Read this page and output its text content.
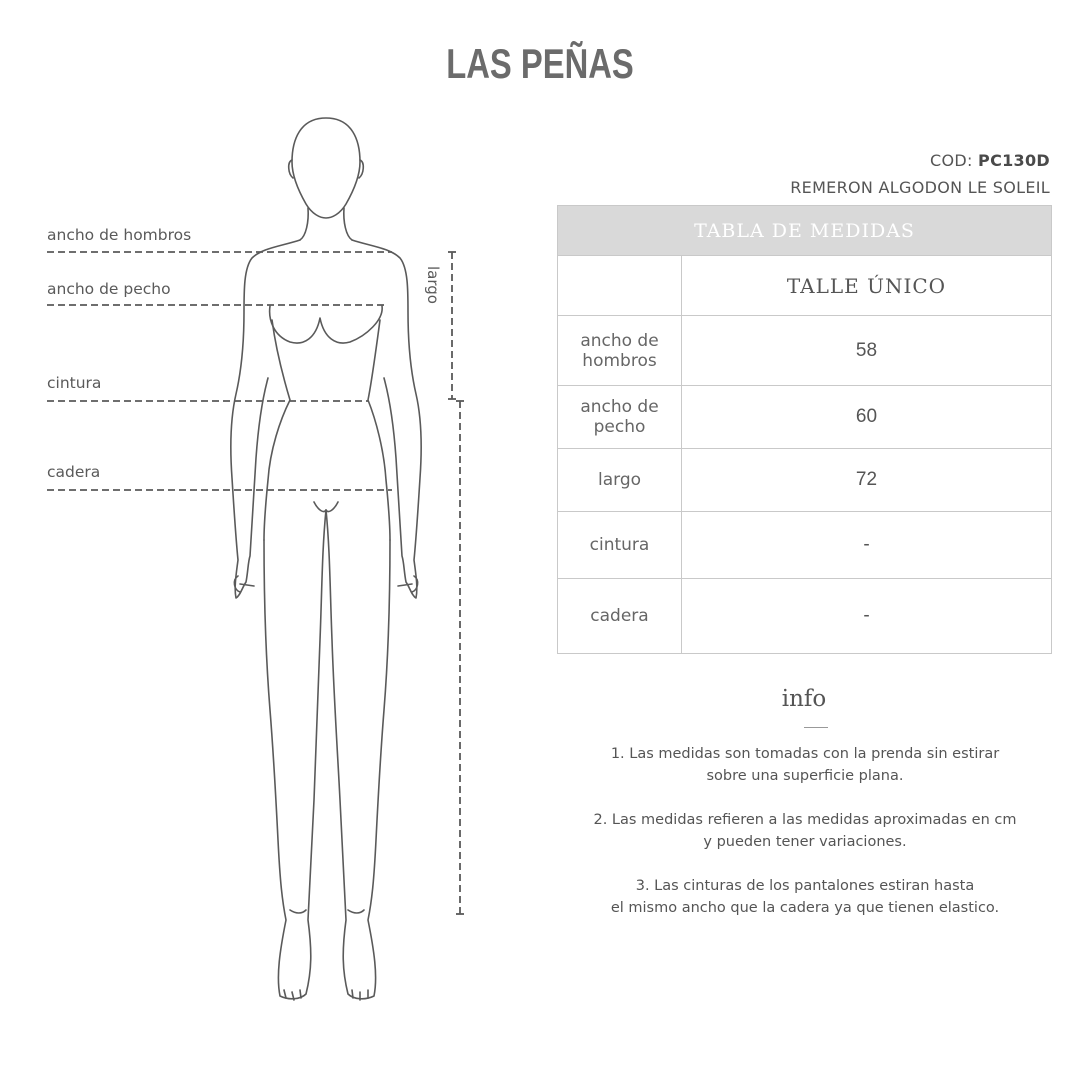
LAS PEÑAS
ancho de hombros
ancho de pecho
cintura
cadera
largo
COD: PC130D
REMERON ALGODON LE SOLEIL
TABLA DE MEDIDAS	
	TALLE ÚNICO
ancho de
hombros	58
ancho de
pecho	60
largo	72
cintura	-
cadera	-
info
1. Las medidas son tomadas con la prenda sin estirar
sobre una superficie plana.
2. Las medidas refieren a las medidas aproximadas en cm
y pueden tener variaciones.
3. Las cinturas de los pantalones estiran hasta
el mismo ancho que la cadera ya que tienen elastico.
